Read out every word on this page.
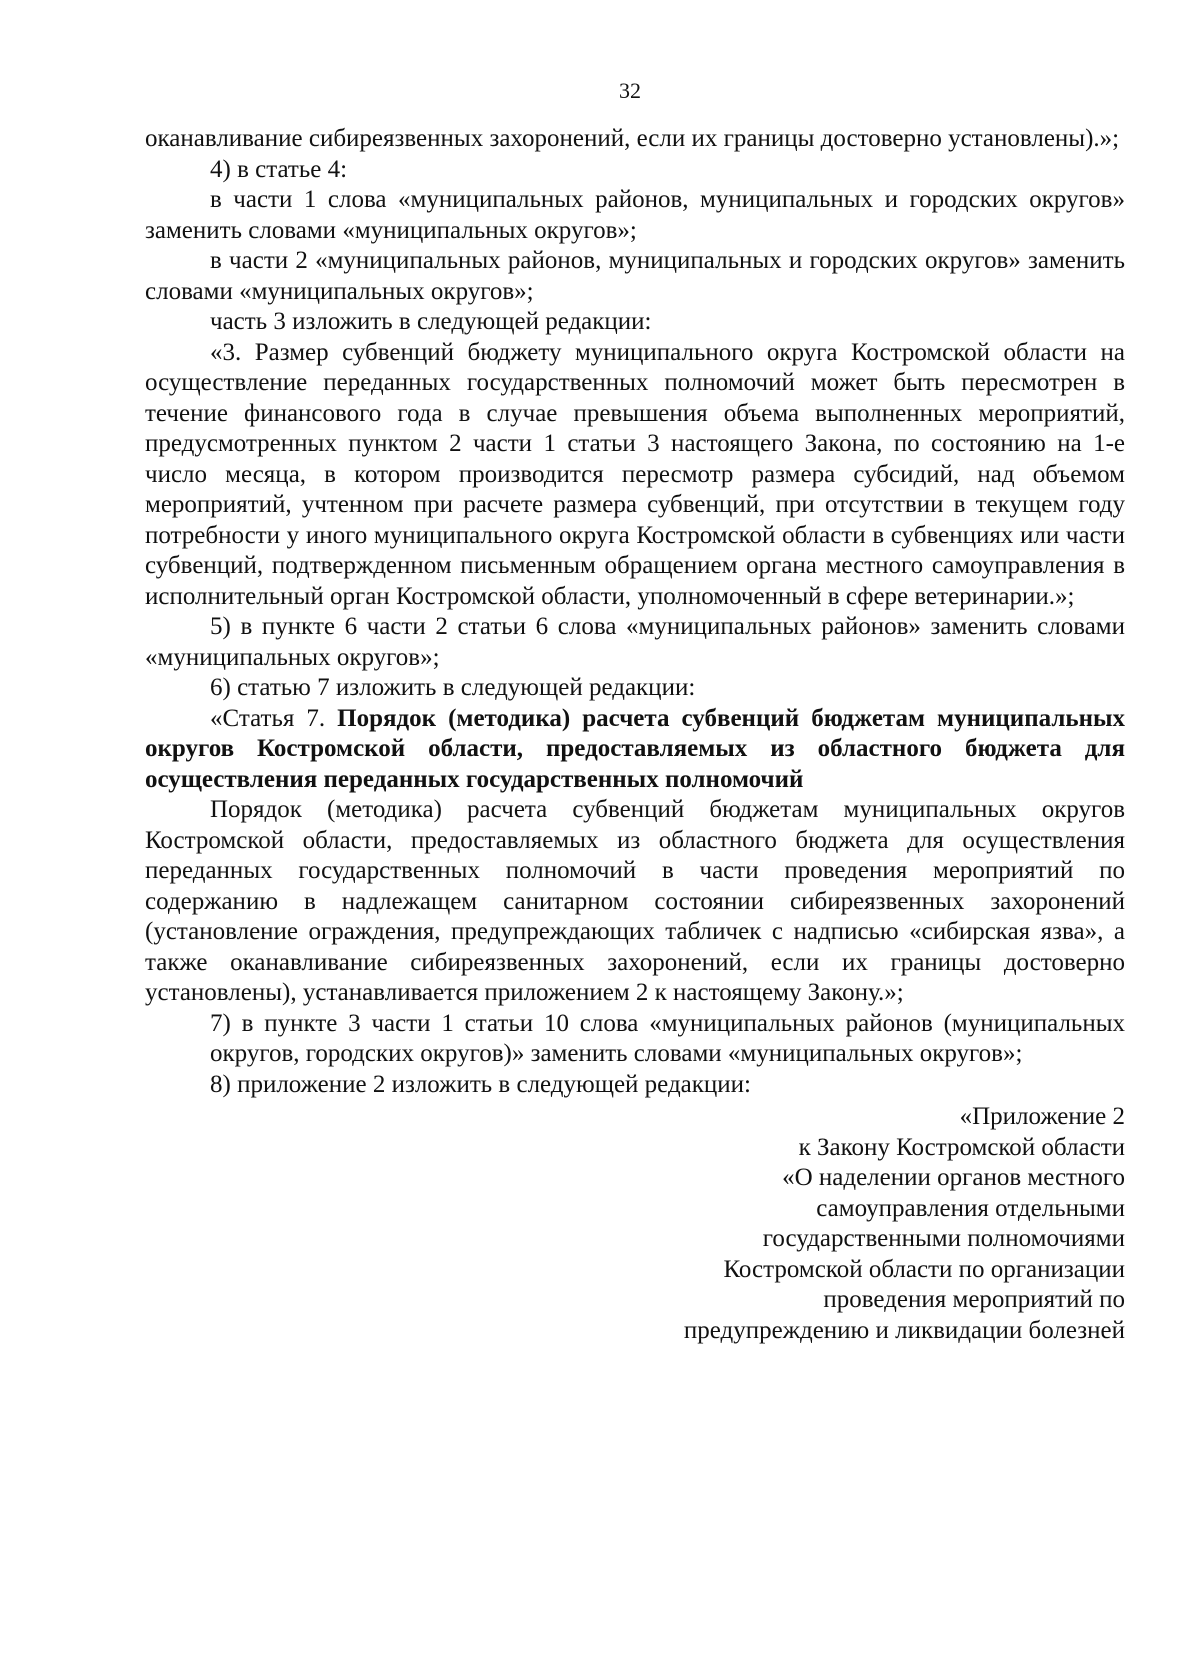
32

оканавливание сибиреязвенных захоронений, если их границы достоверно установлены).»;

4) в статье 4:

в части 1 слова «муниципальных районов, муниципальных и городских округов» заменить словами «муниципальных округов»;

в части 2 «муниципальных районов, муниципальных и городских округов» заменить словами «муниципальных округов»;

часть 3 изложить в следующей редакции:

«3. Размер субвенций бюджету муниципального округа Костромской области на осуществление переданных государственных полномочий может быть пересмотрен в течение финансового года в случае превышения объема выполненных мероприятий, предусмотренных пунктом 2 части 1 статьи 3 настоящего Закона, по состоянию на 1-е число месяца, в котором производится пересмотр размера субсидий, над объемом мероприятий, учтенном при расчете размера субвенций, при отсутствии в текущем году потребности у иного муниципального округа Костромской области в субвенциях или части субвенций, подтвержденном письменным обращением органа местного самоуправления в исполнительный орган Костромской области, уполномоченный в сфере ветеринарии.»;

5) в пункте 6 части 2 статьи 6 слова «муниципальных районов» заменить словами «муниципальных округов»;

6) статью 7 изложить в следующей редакции:

«Статья 7. Порядок (методика) расчета субвенций бюджетам муниципальных округов Костромской области, предоставляемых из областного бюджета для осуществления переданных государственных полномочий

Порядок (методика) расчета субвенций бюджетам муниципальных округов Костромской области, предоставляемых из областного бюджета для осуществления переданных государственных полномочий в части проведения мероприятий по содержанию в надлежащем санитарном состоянии сибиреязвенных захоронений (установление ограждения, предупреждающих табличек с надписью «сибирская язва», а также оканавливание сибиреязвенных захоронений, если их границы достоверно установлены), устанавливается приложением 2 к настоящему Закону.»;

7) в пункте 3 части 1 статьи 10 слова «муниципальных районов (муниципальных округов, городских округов)» заменить словами «муниципальных округов»;

8) приложение 2 изложить в следующей редакции:

«Приложение 2
к Закону Костромской области
«О наделении органов местного
самоуправления отдельными
государственными полномочиями
Костромской области по организации
проведения мероприятий по
предупреждению и ликвидации болезней
